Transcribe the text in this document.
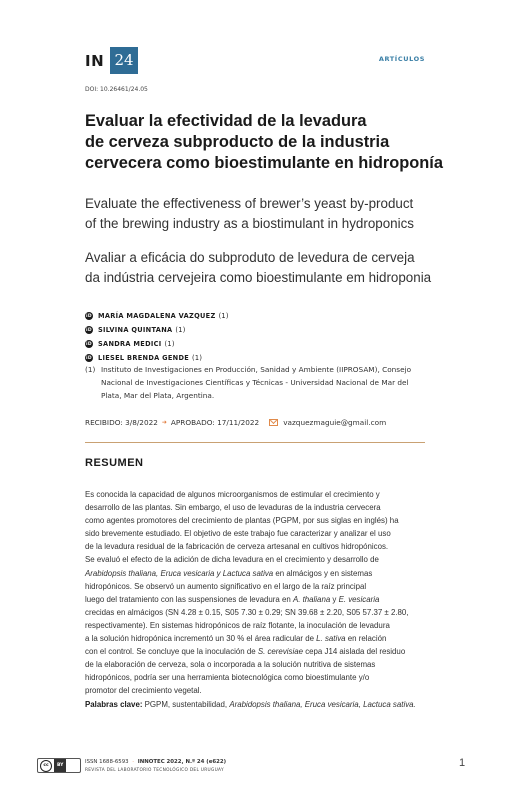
IN 24	ARTÍCULOS
DOI: 10.26461/24.05
Evaluar la efectividad de la levadura
de cerveza subproducto de la industria
cervecera como bioestimulante en hidroponía
Evaluate the effectiveness of brewer’s yeast by-product
of the brewing industry as a biostimulant in hydroponics
Avaliar a eficácia do subproduto de levedura de cerveja
da indústria cervejeira como bioestimulante em hidroponia
iD MARÍA MAGDALENA VAZQUEZ (1)
iD SILVINA QUINTANA (1)
iD SANDRA MEDICI (1)
iD LIESEL BRENDA GENDE (1)
(1) Instituto de Investigaciones en Producción, Sanidad y Ambiente (IIPROSAM), Consejo
Nacional de Investigaciones Científicas y Técnicas - Universidad Nacional de Mar del
Plata, Mar del Plata, Argentina.
RECIBIDO: 3/8/2022 ➜ APROBADO: 17/11/2022	vazquezmaguie@gmail.com
RESUMEN
Es conocida la capacidad de algunos microorganismos de estimular el crecimiento y
desarrollo de las plantas. Sin embargo, el uso de levaduras de la industria cervecera
como agentes promotores del crecimiento de plantas (PGPM, por sus siglas en inglés) ha
sido brevemente estudiado. El objetivo de este trabajo fue caracterizar y analizar el uso
de la levadura residual de la fabricación de cerveza artesanal en cultivos hidropónicos.
Se evaluó el efecto de la adición de dicha levadura en el crecimiento y desarrollo de
Arabidopsis thaliana, Eruca vesicaria y Lactuca sativa en almácigos y en sistemas
hidropónicos. Se observó un aumento significativo en el largo de la raíz principal
luego del tratamiento con las suspensiones de levadura en A. thaliana y E. vesicaria
crecidas en almácigos (SN 4.28 ± 0.15, S05 7.30 ± 0.29; SN 39.68 ± 2.20, S05 57.37 ± 2.80,
respectivamente). En sistemas hidropónicos de raíz flotante, la inoculación de levadura
a la solución hidropónica incrementó un 30 % el área radicular de L. sativa en relación
con el control. Se concluye que la inoculación de S. cerevisiae cepa J14 aislada del residuo
de la elaboración de cerveza, sola o incorporada a la solución nutritiva de sistemas
hidropónicos, podría ser una herramienta biotecnológica como bioestimulante y/o
promotor del crecimiento vegetal.
Palabras clave: PGPM, sustentabilidad, Arabidopsis thaliana, Eruca vesicaria, Lactuca sativa.
cc	BY
ISSN 1688-6593 · INNOTEC 2022, N.º 24 (e622)
REVISTA DEL LABORATORIO TECNOLÓGICO DEL URUGUAY
1
